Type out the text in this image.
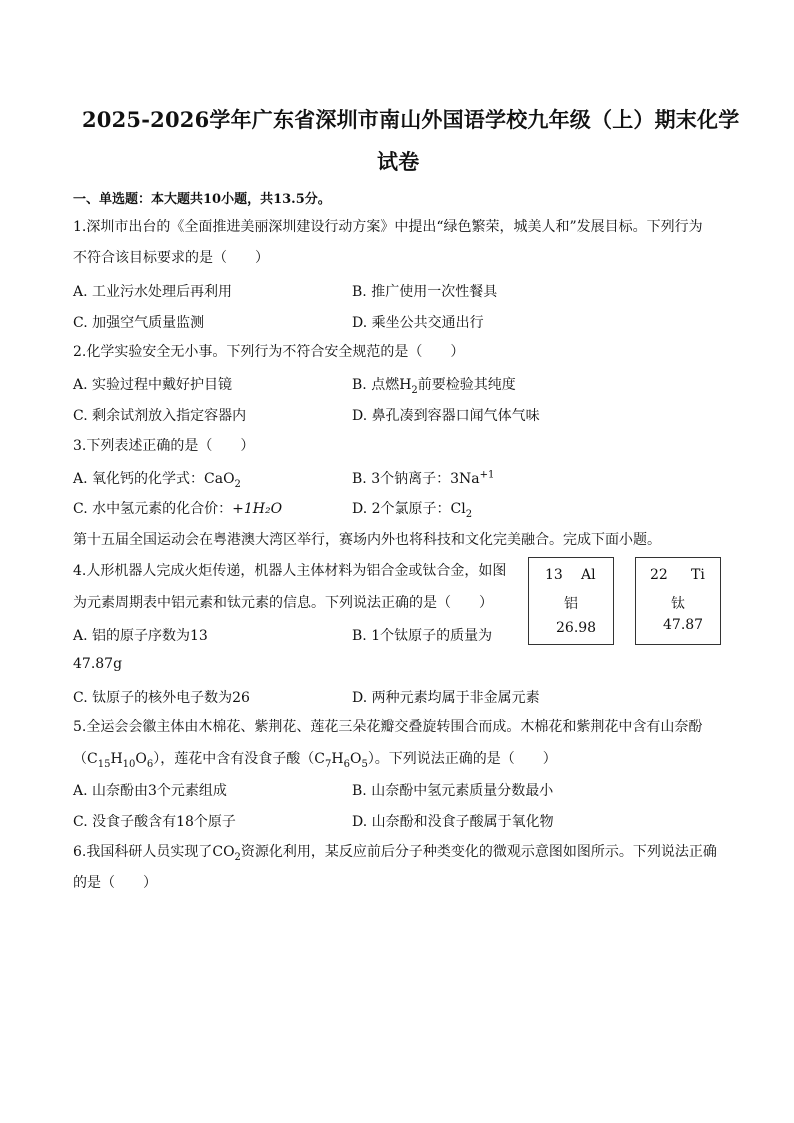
2025-2026学年广东省深圳市南山外国语学校九年级（上）期末化学
试卷
一、单选题：本大题共10小题，共13.5分。
1.深圳市出台的《全面推进美丽深圳建设行动方案》中提出“绿色繁荣，城美人和”发展目标。下列行为
不符合该目标要求的是（　　）
A. 工业污水处理后再利用	B. 推广使用一次性餐具
C. 加强空气质量监测	D. 乘坐公共交通出行
2.化学实验安全无小事。下列行为不符合安全规范的是（　　）
A. 实验过程中戴好护目镜	B. 点燃$H_2$前要检验其纯度
C. 剩余试剂放入指定容器内	D. 鼻孔凑到容器口闻气体气味
3.下列表述正确的是（　　）
A. 氧化钙的化学式：CaO$_2$	B. 3个钠离子：$3Na^{+1}$
C. 水中氢元素的化合价：+1H₂O	D. 2个氯原子：$Cl_2$
第十五届全国运动会在粤港澳大湾区举行，赛场内外也将科技和文化完美融合。完成下面小题。
4.人形机器人完成火炬传递，机器人主体材料为铝合金或钛合金，如图
为元素周期表中铝元素和钛元素的信息。下列说法正确的是（　　）
A. 铝的原子序数为13	B. 1个钛原子的质量为
47.87g
C. 钛原子的核外电子数为26	D. 两种元素均属于非金属元素
13 Al
铝
26.98
22 Ti
钛
47.87
5.全运会会徽主体由木棉花、紫荆花、莲花三朵花瓣交叠旋转围合而成。木棉花和紫荆花中含有山奈酚
$(C_{15}H_{10}O_6)$，莲花中含有没食子酸$(C_7H_6O_5)$。下列说法正确的是（　　）
A. 山奈酚由3个元素组成	B. 山奈酚中氢元素质量分数最小
C. 没食子酸含有18个原子	D. 山奈酚和没食子酸属于氧化物
6.我国科研人员实现了$CO_2$资源化利用，某反应前后分子种类变化的微观示意图如图所示。下列说法正确
的是（　　）
